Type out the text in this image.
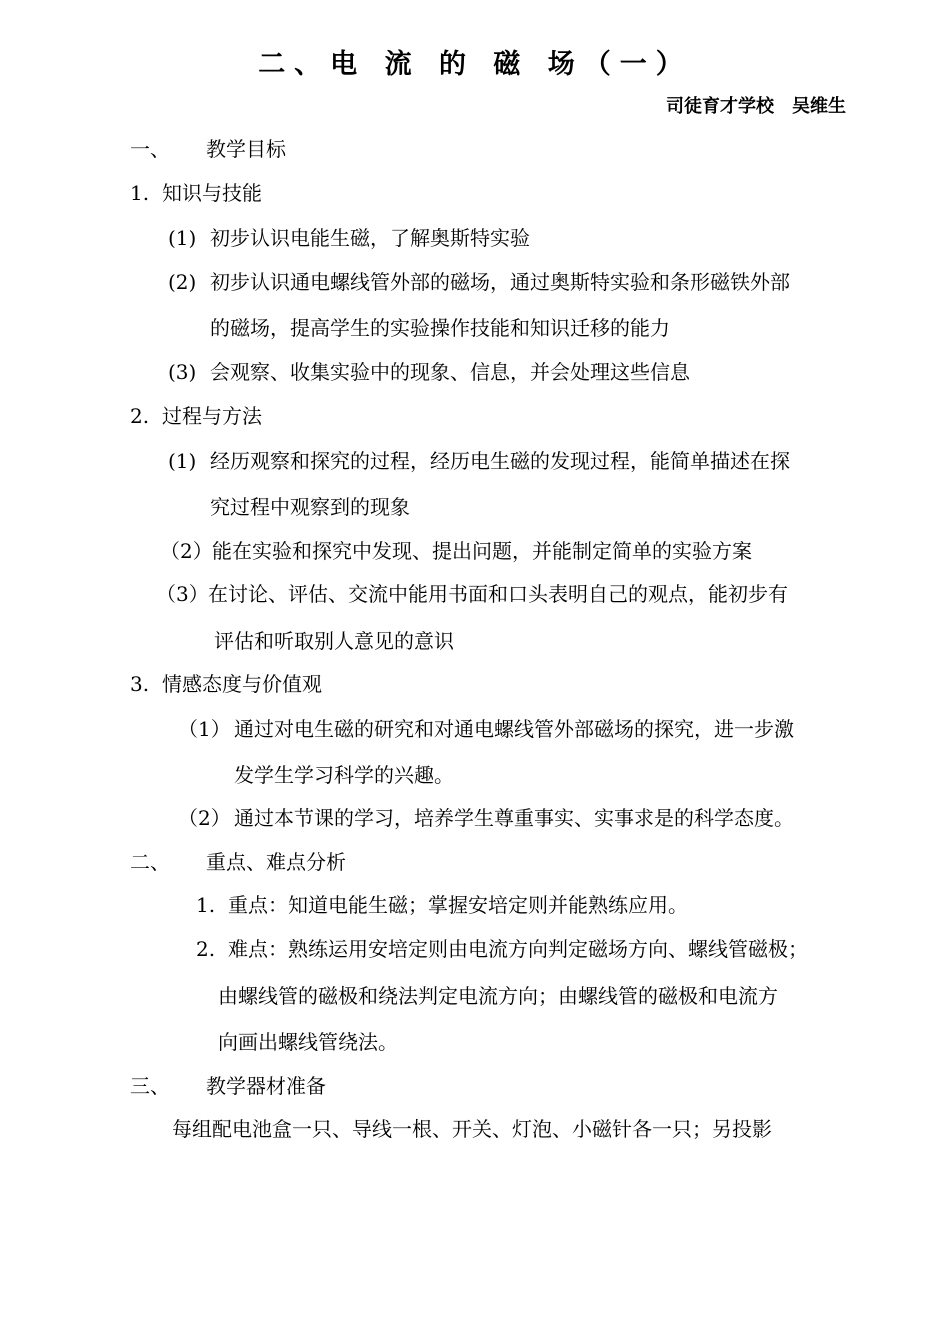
二、电 流 的 磁 场（一）
司徒育才学校 吴维生
一、 教学目标
1. 知识与技能
(1) 初步认识电能生磁，了解奥斯特实验
(2) 初步认识通电螺线管外部的磁场，通过奥斯特实验和条形磁铁外部
的磁场，提高学生的实验操作技能和知识迁移的能力
(3) 会观察、收集实验中的现象、信息，并会处理这些信息
2. 过程与方法
(1) 经历观察和探究的过程，经历电生磁的发现过程，能简单描述在探
究过程中观察到的现象
（2） 能在实验和探究中发现、提出问题，并能制定简单的实验方案
（3） 在讨论、评估、交流中能用书面和口头表明自己的观点，能初步有
评估和听取别人意见的意识
3. 情感态度与价值观
（1） 通过对电生磁的研究和对通电螺线管外部磁场的探究，进一步激
发学生学习科学的兴趣。
（2） 通过本节课的学习，培养学生尊重事实、实事求是的科学态度。
二、 重点、难点分析
1. 重点：知道电能生磁；掌握安培定则并能熟练应用。
2. 难点：熟练运用安培定则由电流方向判定磁场方向、螺线管磁极；
由螺线管的磁极和绕法判定电流方向；由螺线管的磁极和电流方
向画出螺线管绕法。
三、 教学器材准备
每组配电池盒一只、导线一根、开关、灯泡、小磁针各一只；另投影
